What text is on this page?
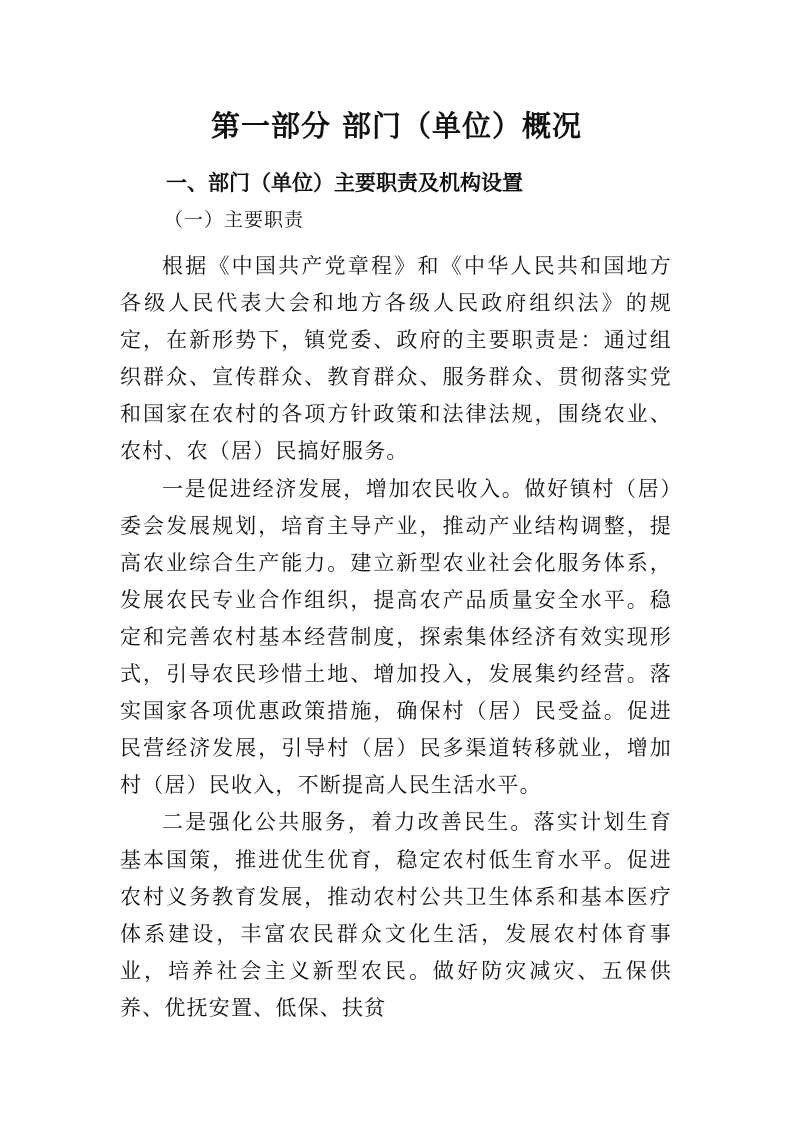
第一部分 部门（单位）概况
一、部门（单位）主要职责及机构设置
（一）主要职责

根据《中国共产党章程》和《中华人民共和国地方各级人民代表大会和地方各级人民政府组织法》的规定，在新形势下，镇党委、政府的主要职责是：通过组织群众、宣传群众、教育群众、服务群众、贯彻落实党和国家在农村的各项方针政策和法律法规，围绕农业、农村、农（居）民搞好服务。

一是促进经济发展，增加农民收入。做好镇村（居）委会发展规划，培育主导产业，推动产业结构调整，提高农业综合生产能力。建立新型农业社会化服务体系，发展农民专业合作组织，提高农产品质量安全水平。稳定和完善农村基本经营制度，探索集体经济有效实现形式，引导农民珍惜土地、增加投入，发展集约经营。落实国家各项优惠政策措施，确保村（居）民受益。促进民营经济发展，引导村（居）民多渠道转移就业，增加村（居）民收入，不断提高人民生活水平。

二是强化公共服务，着力改善民生。落实计划生育基本国策，推进优生优育，稳定农村低生育水平。促进农村义务教育发展，推动农村公共卫生体系和基本医疗体系建设，丰富农民群众文化生活，发展农村体育事业，培养社会主义新型农民。做好防灾减灾、五保供养、优抚安置、低保、扶贫
